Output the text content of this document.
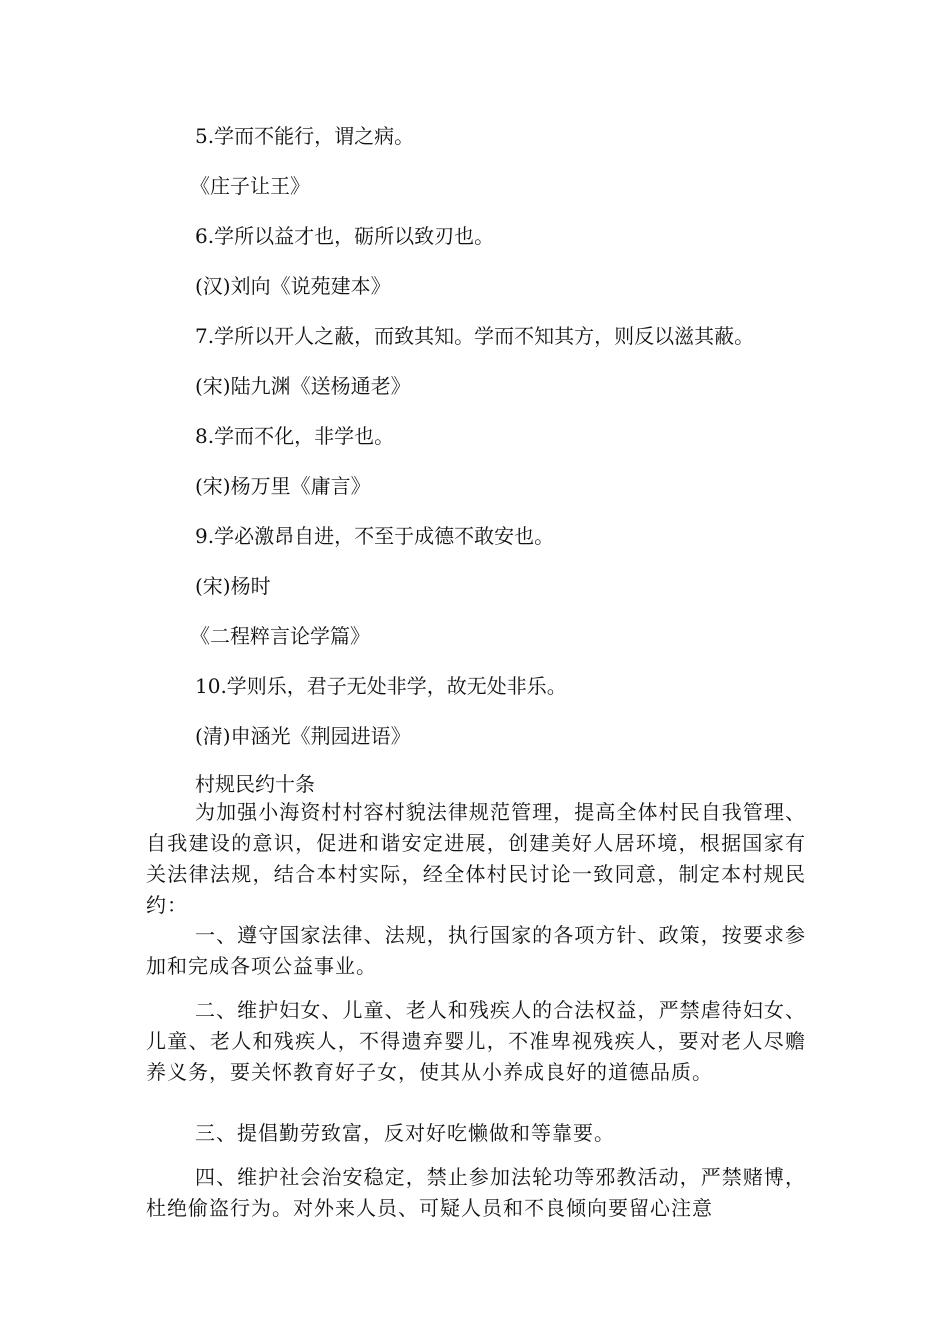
5.学而不能行，谓之病。

《庄子让王》

6.学所以益才也，砺所以致刃也。

(汉)刘向《说苑建本》

7.学所以开人之蔽，而致其知。学而不知其方，则反以滋其蔽。

(宋)陆九渊《送杨通老》

8.学而不化，非学也。

(宋)杨万里《庸言》

9.学必激昂自进，不至于成德不敢安也。

(宋)杨时

《二程粹言论学篇》

10.学则乐，君子无处非学，故无处非乐。

(清)申涵光《荆园进语》

村规民约十条

为加强小海资村村容村貌法律规范管理，提高全体村民自我管理、自我建设的意识，促进和谐安定进展，创建美好人居环境，根据国家有关法律法规，结合本村实际，经全体村民讨论一致同意，制定本村规民约：

一、遵守国家法律、法规，执行国家的各项方针、政策，按要求参加和完成各项公益事业。

二、维护妇女、儿童、老人和残疾人的合法权益，严禁虐待妇女、儿童、老人和残疾人，不得遗弃婴儿，不准卑视残疾人，要对老人尽赡养义务，要关怀教育好子女，使其从小养成良好的道德品质。

三、提倡勤劳致富，反对好吃懒做和等靠要。

四、维护社会治安稳定，禁止参加法轮功等邪教活动，严禁赌博，杜绝偷盗行为。对外来人员、可疑人员和不良倾向要留心注意
